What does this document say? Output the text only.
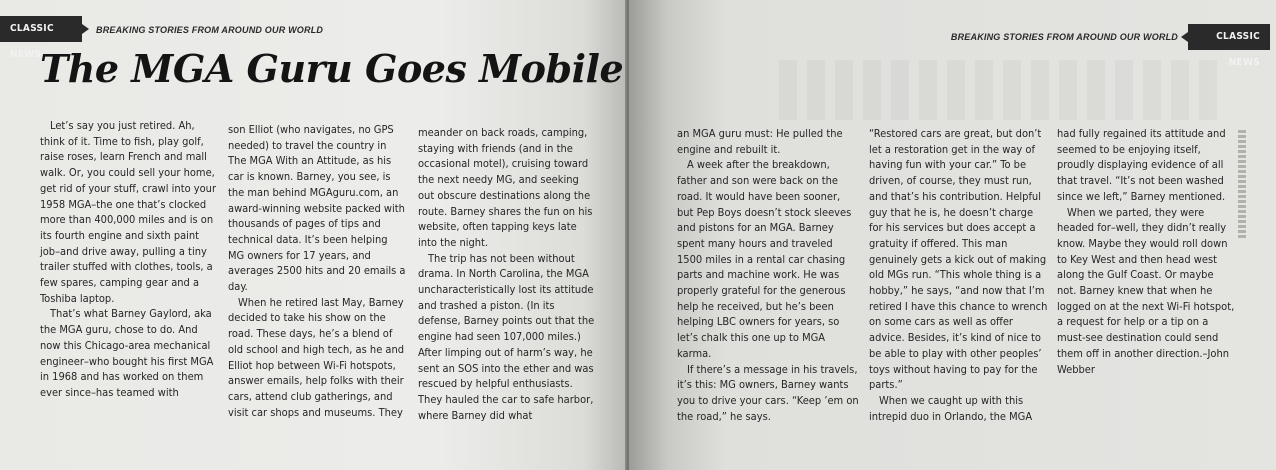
CLASSIC NEWS
BREAKING STORIES FROM AROUND OUR WORLD
The MGA Guru Goes Mobile

Let’s say you just retired. Ah, think of it. Time to fish, play golf, raise roses, learn French and mall walk. Or, you could sell your home, get rid of your stuff, crawl into your 1958 MGA–the one that’s clocked more than 400,000 miles and is on its fourth engine and sixth paint job–and drive away, pulling a tiny trailer stuffed with clothes, tools, a few spares, camping gear and a Toshiba laptop.

That’s what Barney Gaylord, aka the MGA guru, chose to do. And now this Chicago-area mechanical engineer–who bought his first MGA in 1968 and has worked on them ever since–has teamed with

son Elliot (who navigates, no GPS needed) to travel the country in The MGA With an Attitude, as his car is known. Barney, you see, is the man behind MGAguru.com, an award-winning website packed with thousands of pages of tips and technical data. It’s been helping MG owners for 17 years, and averages 2500 hits and 20 emails a day.

When he retired last May, Barney decided to take his show on the road. These days, he’s a blend of old school and high tech, as he and Elliot hop between Wi-Fi hotspots, answer emails, help folks with their cars, attend club gatherings, and visit car shops and museums. They

meander on back roads, camping, staying with friends (and in the occasional motel), cruising toward the next needy MG, and seeking out obscure destinations along the route. Barney shares the fun on his website, often tapping keys late into the night.

The trip has not been without drama. In North Carolina, the MGA uncharacteristically lost its attitude and trashed a piston. (In its defense, Barney points out that the engine had seen 107,000 miles.) After limping out of harm’s way, he sent an SOS into the ether and was rescued by helpful enthusiasts. They hauled the car to safe harbor, where Barney did what

BREAKING STORIES FROM AROUND OUR WORLD	CLASSIC NEWS

an MGA guru must: He pulled the engine and rebuilt it.

A week after the breakdown, father and son were back on the road. It would have been sooner, but Pep Boys doesn’t stock sleeves and pistons for an MGA. Barney spent many hours and traveled 1500 miles in a rental car chasing parts and machine work. He was properly grateful for the generous help he received, but he’s been helping LBC owners for years, so let’s chalk this one up to MGA karma.

If there’s a message in his travels, it’s this: MG owners, Barney wants you to drive your cars. “Keep ’em on the road,” he says.

“Restored cars are great, but don’t let a restoration get in the way of having fun with your car.” To be driven, of course, they must run, and that’s his contribution. Helpful guy that he is, he doesn’t charge for his services but does accept a gratuity if offered. This man genuinely gets a kick out of making old MGs run. “This whole thing is a hobby,” he says, “and now that I’m retired I have this chance to wrench on some cars as well as offer advice. Besides, it’s kind of nice to be able to play with other peoples’ toys without having to pay for the parts.”

When we caught up with this intrepid duo in Orlando, the MGA

had fully regained its attitude and seemed to be enjoying itself, proudly displaying evidence of all that travel. “It’s not been washed since we left,” Barney mentioned.

When we parted, they were headed for–well, they didn’t really know. Maybe they would roll down to Key West and then head west along the Gulf Coast. Or maybe not. Barney knew that when he logged on at the next Wi-Fi hotspot, a request for help or a tip on a must-see destination could send them off in another direction.–John Webber
